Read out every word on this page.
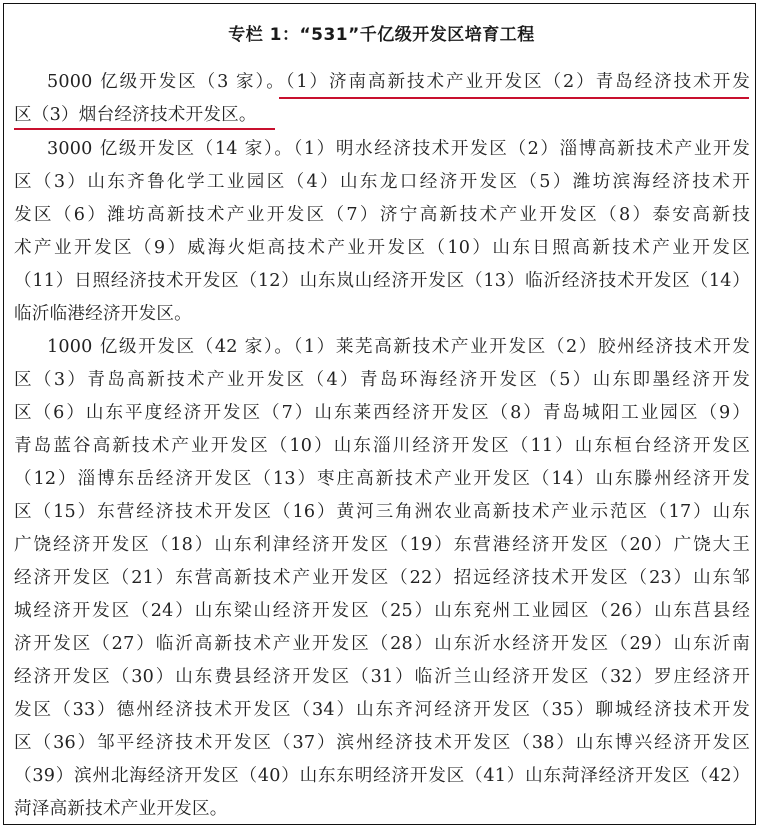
专栏 1：“531”千亿级开发区培育工程
5000 亿级开发区（3 家）。（1）济南高新技术产业开发区（2）青岛经济技术开发
区（3）烟台经济技术开发区。
3000 亿级开发区（14 家）。（1）明水经济技术开发区（2）淄博高新技术产业开发
区（3）山东齐鲁化学工业园区（4）山东龙口经济开发区（5）潍坊滨海经济技术开
发区（6）潍坊高新技术产业开发区（7）济宁高新技术产业开发区（8）泰安高新技
术产业开发区（9）威海火炬高技术产业开发区（10）山东日照高新技术产业开发区
（11）日照经济技术开发区（12）山东岚山经济开发区（13）临沂经济技术开发区（14）
临沂临港经济开发区。
1000 亿级开发区（42 家）。（1）莱芜高新技术产业开发区（2）胶州经济技术开发
区（3）青岛高新技术产业开发区（4）青岛环海经济开发区（5）山东即墨经济开发
区（6）山东平度经济开发区（7）山东莱西经济开发区（8）青岛城阳工业园区（9）
青岛蓝谷高新技术产业开发区（10）山东淄川经济开发区（11）山东桓台经济开发区
（12）淄博东岳经济开发区（13）枣庄高新技术产业开发区（14）山东滕州经济开发
区（15）东营经济技术开发区（16）黄河三角洲农业高新技术产业示范区（17）山东
广饶经济开发区（18）山东利津经济开发区（19）东营港经济开发区（20）广饶大王
经济开发区（21）东营高新技术产业开发区（22）招远经济技术开发区（23）山东邹
城经济开发区（24）山东梁山经济开发区（25）山东兖州工业园区（26）山东莒县经
济开发区（27）临沂高新技术产业开发区（28）山东沂水经济开发区（29）山东沂南
经济开发区（30）山东费县经济开发区（31）临沂兰山经济开发区（32）罗庄经济开
发区（33）德州经济技术开发区（34）山东齐河经济开发区（35）聊城经济技术开发
区（36）邹平经济技术开发区（37）滨州经济技术开发区（38）山东博兴经济开发区
（39）滨州北海经济开发区（40）山东东明经济开发区（41）山东菏泽经济开发区（42）
菏泽高新技术产业开发区。
